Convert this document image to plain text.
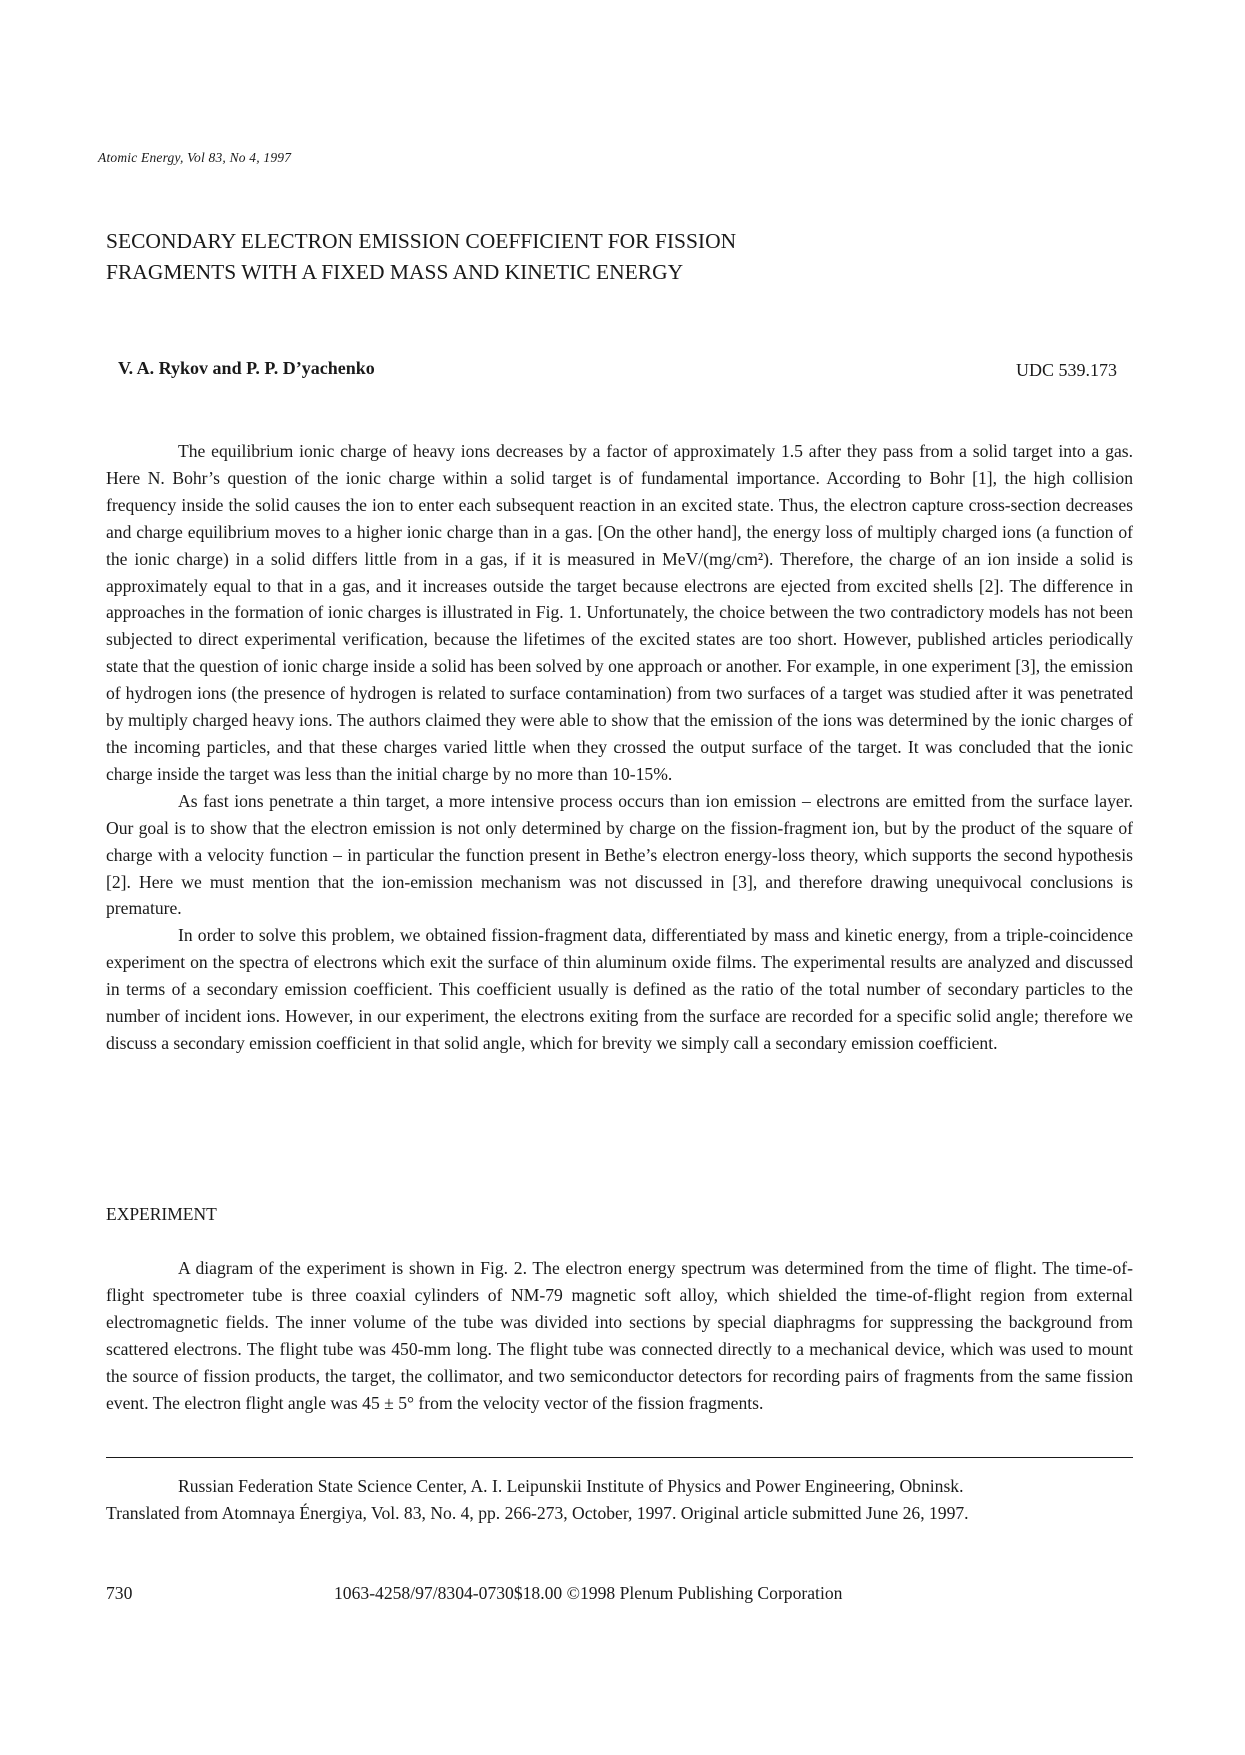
Atomic Energy, Vol 83, No 4, 1997
SECONDARY ELECTRON EMISSION COEFFICIENT FOR FISSION
FRAGMENTS WITH A FIXED MASS AND KINETIC ENERGY
V. A. Rykov and P. P. D’yachenko	UDC 539.173

The equilibrium ionic charge of heavy ions decreases by a factor of approximately 1.5 after they pass from a solid target into a gas. Here N. Bohr’s question of the ionic charge within a solid target is of fundamental importance. According to Bohr [1], the high collision frequency inside the solid causes the ion to enter each subsequent reaction in an excited state. Thus, the electron capture cross-section decreases and charge equilibrium moves to a higher ionic charge than in a gas. [On the other hand], the energy loss of multiply charged ions (a function of the ionic charge) in a solid differs little from in a gas, if it is measured in MeV/(mg/cm²). Therefore, the charge of an ion inside a solid is approximately equal to that in a gas, and it increases outside the target because electrons are ejected from excited shells [2]. The difference in approaches in the formation of ionic charges is illustrated in Fig. 1. Unfortunately, the choice between the two contradictory models has not been subjected to direct experimental verification, because the lifetimes of the excited states are too short. However, published articles periodically state that the question of ionic charge inside a solid has been solved by one approach or another. For example, in one experiment [3], the emission of hydrogen ions (the presence of hydrogen is related to surface contamination) from two surfaces of a target was studied after it was penetrated by multiply charged heavy ions. The authors claimed they were able to show that the emission of the ions was determined by the ionic charges of the incoming particles, and that these charges varied little when they crossed the output surface of the target. It was concluded that the ionic charge inside the target was less than the initial charge by no more than 10-15%.

As fast ions penetrate a thin target, a more intensive process occurs than ion emission – electrons are emitted from the surface layer. Our goal is to show that the electron emission is not only determined by charge on the fission-fragment ion, but by the product of the square of charge with a velocity function – in particular the function present in Bethe’s electron energy-loss theory, which supports the second hypothesis [2]. Here we must mention that the ion-emission mechanism was not discussed in [3], and therefore drawing unequivocal conclusions is premature.

In order to solve this problem, we obtained fission-fragment data, differentiated by mass and kinetic energy, from a triple-coincidence experiment on the spectra of electrons which exit the surface of thin aluminum oxide films. The experimental results are analyzed and discussed in terms of a secondary emission coefficient. This coefficient usually is defined as the ratio of the total number of secondary particles to the number of incident ions. However, in our experiment, the electrons exiting from the surface are recorded for a specific solid angle; therefore we discuss a secondary emission coefficient in that solid angle, which for brevity we simply call a secondary emission coefficient.

EXPERIMENT

A diagram of the experiment is shown in Fig. 2. The electron energy spectrum was determined from the time of flight. The time-of-flight spectrometer tube is three coaxial cylinders of NM-79 magnetic soft alloy, which shielded the time-of-flight region from external electromagnetic fields. The inner volume of the tube was divided into sections by special diaphragms for suppressing the background from scattered electrons. The flight tube was 450-mm long. The flight tube was connected directly to a mechanical device, which was used to mount the source of fission products, the target, the collimator, and two semiconductor detectors for recording pairs of fragments from the same fission event. The electron flight angle was 45 ± 5° from the velocity vector of the fission fragments.

Russian Federation State Science Center, A. I. Leipunskii Institute of Physics and Power Engineering, Obninsk.
Translated from Atomnaya Énergiya, Vol. 83, No. 4, pp. 266-273, October, 1997. Original article submitted June 26, 1997.
730	1063-4258/97/8304-0730$18.00 ©1998 Plenum Publishing Corporation
